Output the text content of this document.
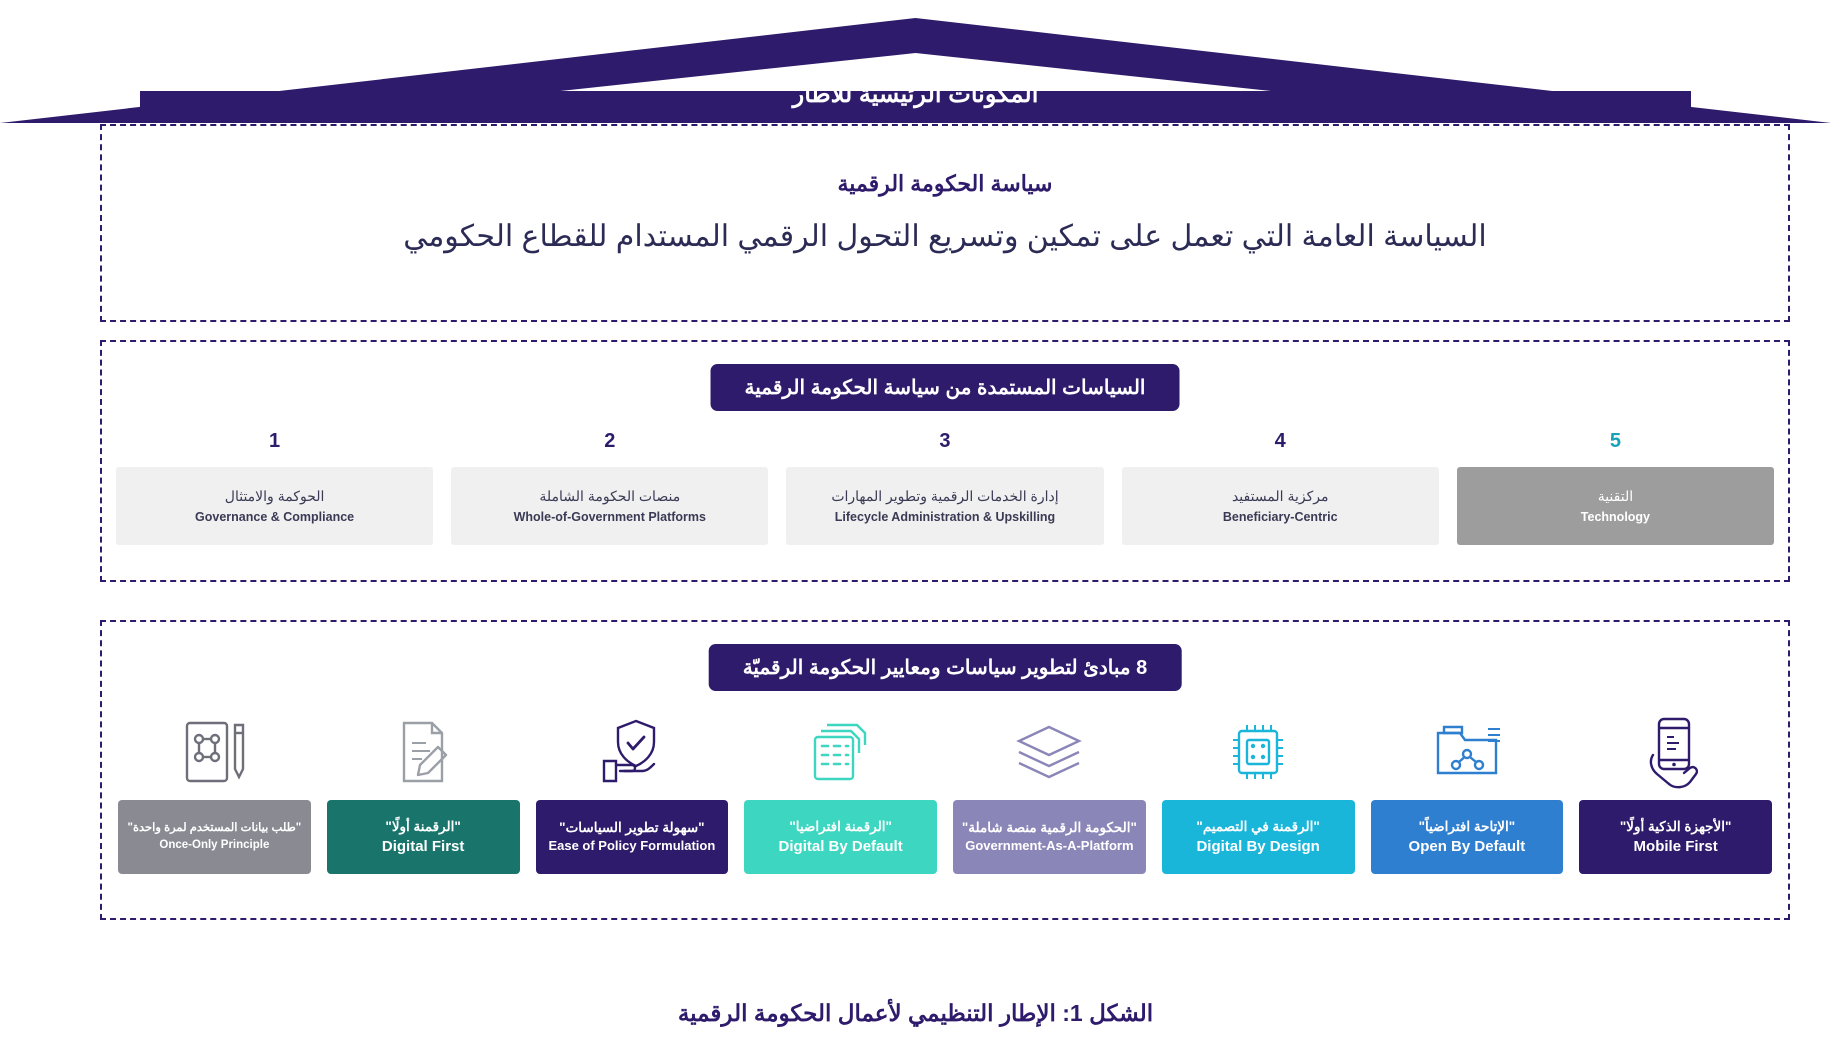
المكونات الرئيسية للاطار
سياسة الحكومة الرقمية
السياسة العامة التي تعمل على تمكين وتسريع التحول الرقمي المستدام للقطاع الحكومي
السياسات المستمدة من سياسة الحكومة الرقمية
5
التقنية
Technology
4
مركزية المستفيد
Beneficiary-Centric
3
إدارة الخدمات الرقمية وتطوير المهارات
Lifecycle Administration & Upskilling
2
منصات الحكومة الشاملة
Whole-of-Government Platforms
1
الحوكمة والامتثال
Governance & Compliance
8 مبادئ لتطوير سياسات ومعايير الحكومة الرقميّة
"الأجهزة الذكية أولًا"
Mobile First
"الإتاحة افتراضياً"
Open By Default
"الرقمنة في التصميم"
Digital By Design
"الحكومة الرقمية منصة شاملة"
Government-As-A-Platform
"الرقمنة افتراضيا"
Digital By Default
"سهولة تطوير السياسات"
Ease of Policy Formulation
"الرقمنة أولًا"
Digital First
"طلب بيانات المستخدم لمرة واحدة"
Once-Only Principle
الشكل 1: الإطار التنظيمي لأعمال الحكومة الرقمية
